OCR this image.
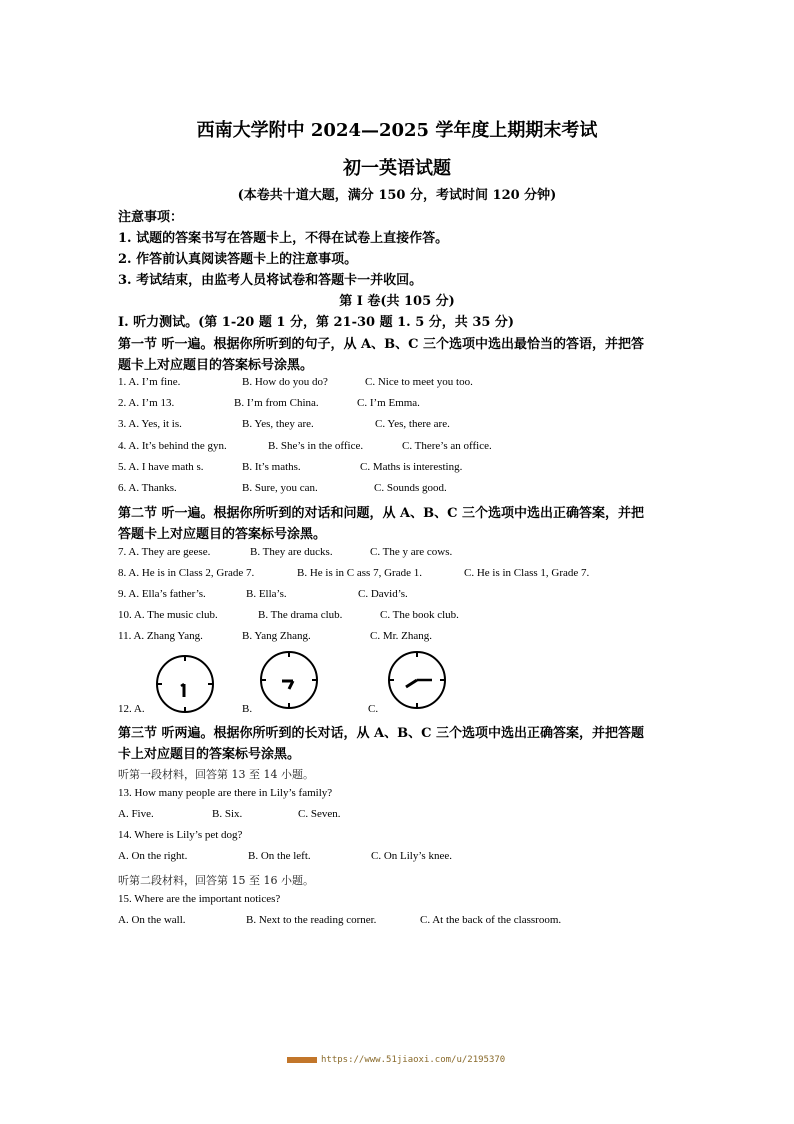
西南大学附中 2024—2025 学年度上期期末考试
初一英语试题
(本卷共十道大题，满分 150 分，考试时间 120 分钟)
注意事项：
1. 试题的答案书写在答题卡上，不得在试卷上直接作答。
2. 作答前认真阅读答题卡上的注意事项。
3. 考试结束，由监考人员将试卷和答题卡一并收回。
第 I 卷(共 105 分)
I. 听力测试。(第 1-20 题 1 分，第 21-30 题 1. 5 分，共 35 分)
第一节 听一遍。根据你所听到的句子，从 A、B、C 三个选项中选出最恰当的答语，并把答
题卡上对应题目的答案标号涂黑。
1. A. I’m fine.	B. How do you do?	C. Nice to meet you too.
2. A. I’m 13.	B. I’m from China.	C. I’m Emma.
3. A. Yes, it is.	B. Yes, they are.	C. Yes, there are.
4. A. It’s behind the gyn.	B. She’s in the office.	C. There’s an office.
5. A. I have math s.	B. It’s maths.	C. Maths is interesting.
6. A. Thanks.	B. Sure, you can.	C. Sounds good.
第二节 听一遍。根据你所听到的对话和问题，从 A、B、C 三个选项中选出正确答案，并把
答题卡上对应题目的答案标号涂黑。
7. A. They are geese.	B. They are ducks.	C. The y are cows.
8. A. He is in Class 2, Grade 7.	B. He is in C ass 7, Grade 1.	C. He is in Class 1, Grade 7.
9. A. Ella’s father’s.	B. Ella’s.	C. David’s.
10. A. The music club.	B. The drama club.	C. The book club.
11. A. Zhang Yang.	B. Yang Zhang.	C. Mr. Zhang.
12. A.	B.	C.
第三节 听两遍。根据你所听到的长对话，从 A、B、C 三个选项中选出正确答案，并把答题
卡上对应题目的答案标号涂黑。
听第一段材料，回答第 13 至 14 小题。
13. How many people are there in Lily’s family?
A. Five.	B. Six.	C. Seven.
14. Where is Lily’s pet dog?
A. On the right.	B. On the left.	C. On Lily’s knee.
听第二段材料，回答第 15 至 16 小题。
15. Where are the important notices?
A. On the wall.	B. Next to the reading corner.	C. At the back of the classroom.
https://www.51jiaoxi.com/u/2195370
